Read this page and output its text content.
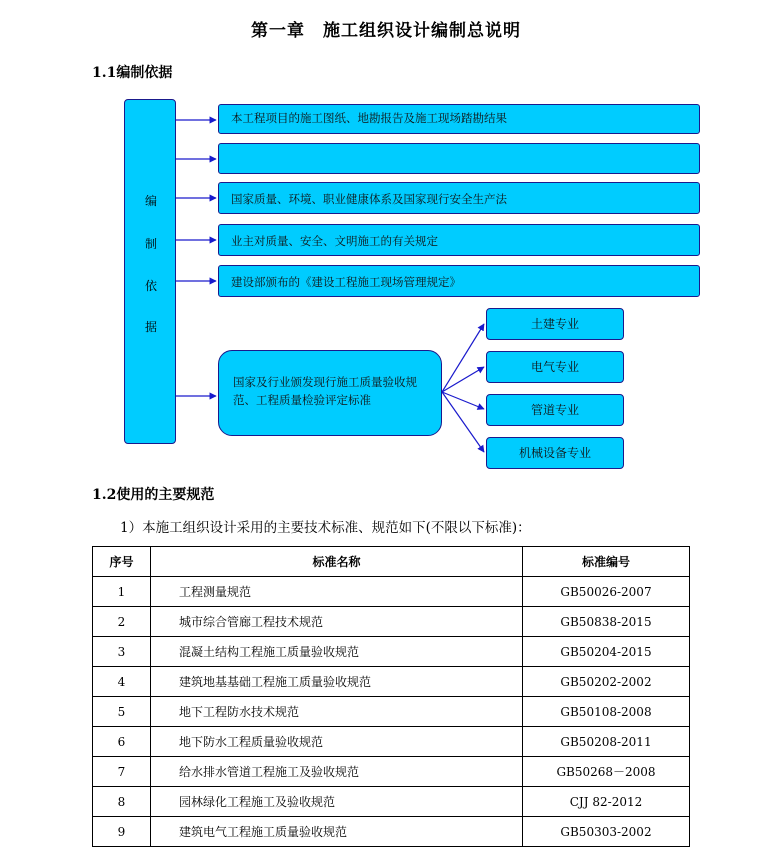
第一章　施工组织设计编制总说明
1.1编制依据
编
制
依
据
本工程项目的施工图纸、地勘报告及施工现场踏勘结果
国家质量、环境、职业健康体系及国家现行安全生产法
业主对质量、安全、文明施工的有关规定
建设部颁布的《建设工程施工现场管理规定》
国家及行业颁发现行施工质量验收规范、工程质量检验评定标准
土建专业
电气专业
管道专业
机械设备专业
1.2使用的主要规范
1）本施工组织设计采用的主要技术标准、规范如下(不限以下标准)：
序号	标准名称	标准编号
1	工程测量规范	GB50026-2007
2	城市综合管廊工程技术规范	GB50838-2015
3	混凝土结构工程施工质量验收规范	GB50204-2015
4	建筑地基基础工程施工质量验收规范	GB50202-2002
5	地下工程防水技术规范	GB50108-2008
6	地下防水工程质量验收规范	GB50208-2011
7	给水排水管道工程施工及验收规范	GB50268－2008
8	园林绿化工程施工及验收规范	CJJ 82-2012
9	建筑电气工程施工质量验收规范	GB50303-2002
